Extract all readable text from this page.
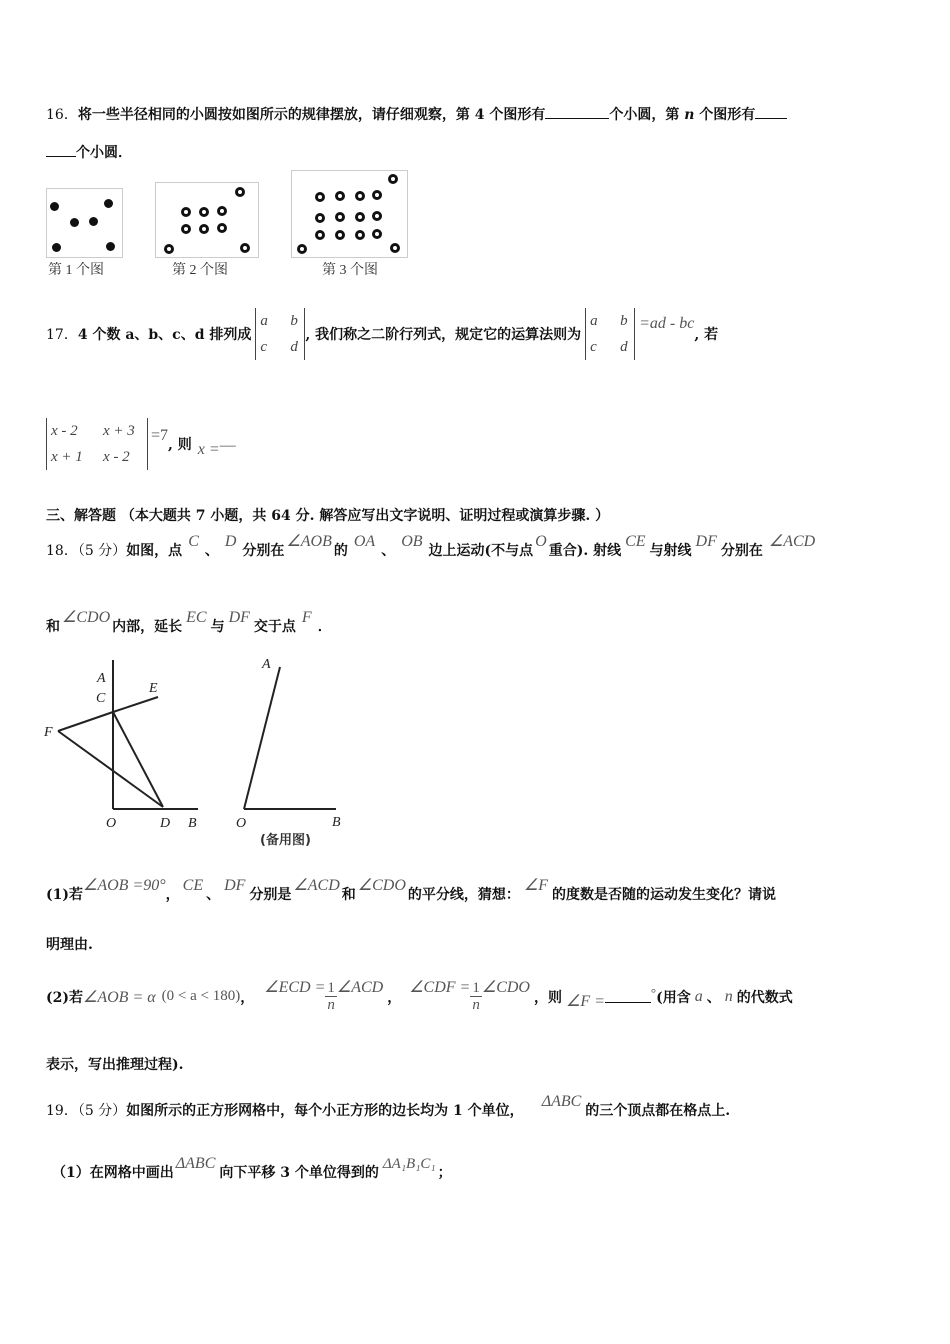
16．将一些半径相同的小圆按如图所示的规律摆放，请仔细观察，第 4 个图形有	个小圆，第 n 个图形有
个小圆．
第 1 个图	第 2 个图	第 3 个图
17． 4 个数 a、b、c、d 排列成
a b
c d
, 我们称之二阶行列式，规定它的运算法则为
a b
c d
=ad - bc
, 若
x - 2 x + 3
x + 1 x - 2
=7
, 则 x = —
三、解答题 （本大题共 7 小题，共 64 分. 解答应写出文字说明、证明过程或演算步骤. ）
18．（5 分）如图，点C、D分别在∠AOB的OA、OB边上运动(不与点O重合). 射线CE与射线DF分别在∠ACD
和∠CDO内部，延长EC与DF交于点F．
A
C
E
F
O	D B
A
O	B
(备用图)
(1)若∠AOB =90°，CE、DF分别是∠ACD和∠CDO的平分线，猜想：∠F的度数是否随的运动发生变化？请说
明理由.
(2)若 ∠AOB = α (0 < a < 180) ，
∠ECD = $\frac{1}{n}$ ∠ACD
，
∠CDF = $\frac{1}{n}$ ∠CDO
，则 ∠F =
° (用含 a 、 n 的代数式
表示，写出推理过程).
19．（5 分）如图所示的正方形网格中，每个小正方形的边长均为 1 个单位，ΔABC的三个顶点都在格点上.
（1）在网格中画出ΔABC向下平移 3 个单位得到的ΔA₁B₁C₁；
